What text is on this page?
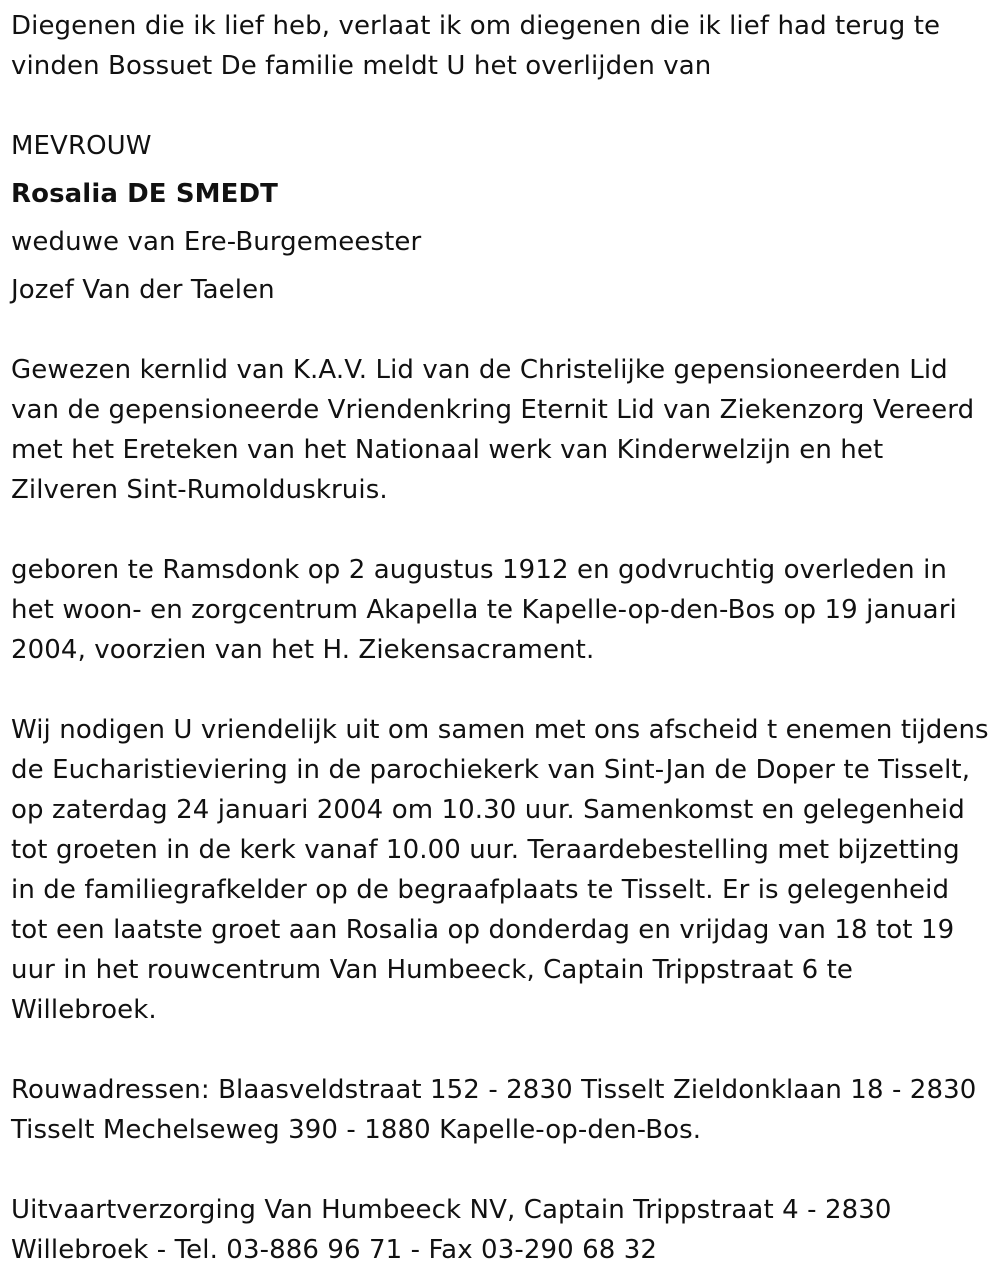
Diegenen die ik lief heb, verlaat ik om diegenen die ik lief had terug te vinden Bossuet De familie meldt U het overlijden van

MEVROUW

Rosalia DE SMEDT

weduwe van Ere-Burgemeester

Jozef Van der Taelen

Gewezen kernlid van K.A.V. Lid van de Christelijke gepensioneerden Lid van de gepensioneerde Vriendenkring Eternit Lid van Ziekenzorg Vereerd met het Ereteken van het Nationaal werk van Kinderwelzijn en het Zilveren Sint-Rumolduskruis.

geboren te Ramsdonk op 2 augustus 1912 en godvruchtig overleden in het woon- en zorgcentrum Akapella te Kapelle-op-den-Bos op 19 januari 2004, voorzien van het H. Ziekensacrament.

Wij nodigen U vriendelijk uit om samen met ons afscheid t enemen tijdens de Eucharistieviering in de parochiekerk van Sint-Jan de Doper te Tisselt, op zaterdag 24 januari 2004 om 10.30 uur. Samenkomst en gelegenheid tot groeten in de kerk vanaf 10.00 uur. Teraardebestelling met bijzetting in de familiegrafkelder op de begraafplaats te Tisselt. Er is gelegenheid tot een laatste groet aan Rosalia op donderdag en vrijdag van 18 tot 19 uur in het rouwcentrum Van Humbeeck, Captain Trippstraat 6 te Willebroek.

Rouwadressen: Blaasveldstraat 152 - 2830 Tisselt Zieldonklaan 18 - 2830 Tisselt Mechelseweg 390 - 1880 Kapelle-op-den-Bos.

Uitvaartverzorging Van Humbeeck NV, Captain Trippstraat 4 - 2830 Willebroek - Tel. 03-886 96 71 - Fax 03-290 68 32
